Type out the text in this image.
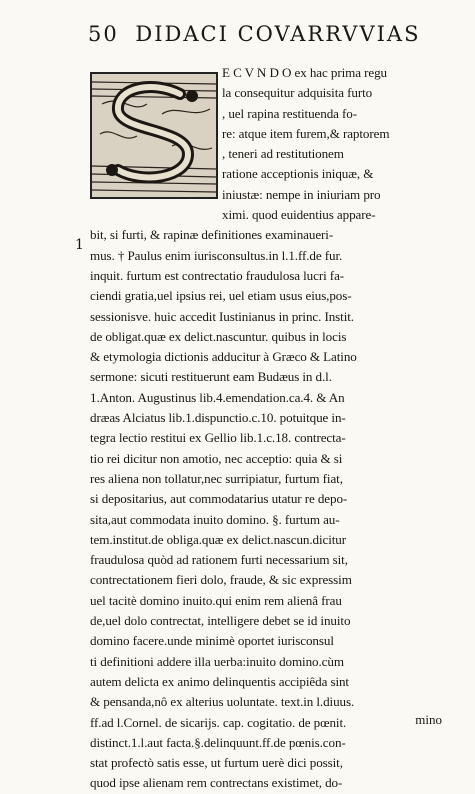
50 DIDACI COVARRVVIAS
1
E C V N D O ex hac prima regu
la consequitur adquisita furto
, uel rapina restituenda fo-
re: atque item furem,& raptorem
, teneri ad restitutionem
ratione acceptionis iniquæ, &
iniustæ: nempe in iniuriam pro
ximi. quod euidentius appare-
bit, si furti, & rapinæ definitiones examinaueri-
mus. † Paulus enim iurisconsultus.in l.1.ff.de fur.
inquit. furtum est contrectatio fraudulosa lucri fa-
ciendi gratia,uel ipsius rei, uel etiam usus eius,pos-
sessionisve. huic accedit Iustinianus in princ. Instit.
de obligat.quæ ex delict.nascuntur. quibus in locis
& etymologia dictionis adducitur à Græco & Latino
sermone: sicuti restituerunt eam Budæus in d.l.
1.Anton. Augustinus lib.4.emendation.ca.4. & An
dræas Alciatus lib.1.dispunctio.c.10. potuitque in-
tegra lectio restitui ex Gellio lib.1.c.18. contrecta-
tio rei dicitur non amotio, nec acceptio: quia & si
res aliena non tollatur,nec surripiatur, furtum fiat,
si depositarius, aut commodatarius utatur re depo-
sita,aut commodata inuito domino. §. furtum au-
tem.institut.de obliga.quæ ex delict.nascun.dicitur
fraudulosa quòd ad rationem furti necessarium sit,
contrectationem fieri dolo, fraude, & sic expressim
uel tacitè domino inuito.qui enim rem alienâ frau
de,uel dolo contrectat, intelligere debet se id inuito
domino facere.unde minimè oportet iurisconsul
ti definitioni addere illa uerba:inuito domino.cùm
autem delicta ex animo delinquentis accipiêda sint
& pensanda,nô ex alterius uoluntate. text.in l.diuus.
ff.ad l.Cornel. de sicarijs. cap. cogitatio. de pœnit.
distinct.1.l.aut facta.§.delinquunt.ff.de pœnis.con-
stat profectò satis esse, ut furtum uerè dici possit,
quod ipse alienam rem contrectans existimet, do-
mino
